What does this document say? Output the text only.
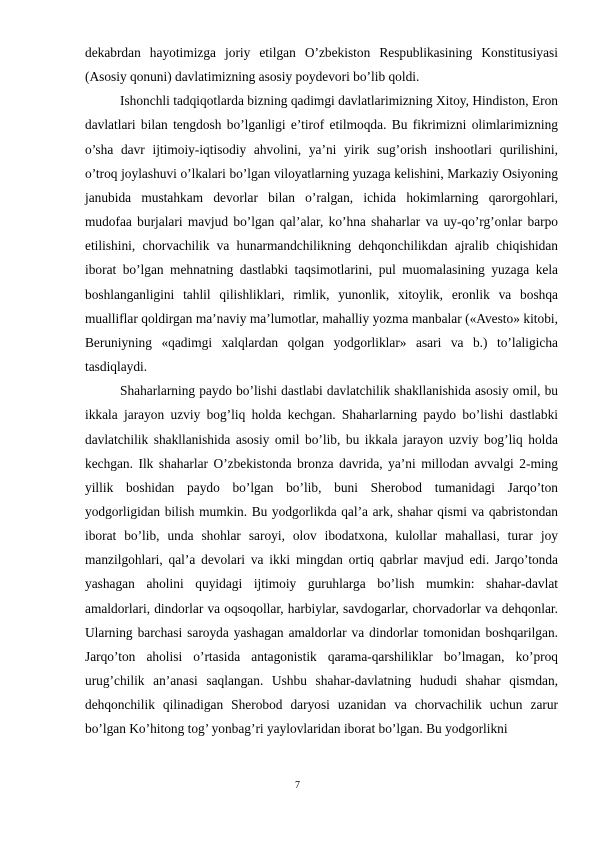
dekabrdan hayotimizga joriy etilgan O’zbekiston Respublikasining Konstitusiyasi (Asosiy qonuni) davlatimizning asosiy poydevori bo’lib qoldi.

Ishonchli tadqiqotlarda bizning qadimgi davlatlarimizning Xitoy, Hindiston, Eron davlatlari bilan tengdosh bo’lganligi e’tirof etilmoqda. Bu fikrimizni olimlarimizning o’sha davr ijtimoiy-iqtisodiy ahvolini, ya’ni yirik sug’orish inshootlari qurilishini, o’troq joylashuvi o’lkalari bo’lgan viloyatlarning yuzaga kelishini, Markaziy Osiyoning janubida mustahkam devorlar bilan o’ralgan, ichida hokimlarning qarorgohlari, mudofaa burjalari mavjud bo’lgan qal’alar, ko’hna shaharlar va uy-qo’rg’onlar barpo etilishini, chorvachilik va hunarmandchilikning dehqonchilikdan ajralib chiqishidan iborat bo’lgan mehnatning dastlabki taqsimotlarini, pul muomalasining yuzaga kela boshlanganligini tahlil qilishliklari, rimlik, yunonlik, xitoylik, eronlik va boshqa mualliflar qoldirgan ma’naviy ma’lumotlar, mahalliy yozma manbalar («Avesto» kitobi, Beruniyning «qadimgi xalqlardan qolgan yodgorliklar» asari va b.) to’laligicha tasdiqlaydi.

Shaharlarning paydo bo’lishi dastlabi davlatchilik shakllanishida asosiy omil, bu ikkala jarayon uzviy bog’liq holda kechgan. Shaharlarning paydo bo’lishi dastlabki davlatchilik shakllanishida asosiy omil bo’lib, bu ikkala jarayon uzviy bog’liq holda kechgan. Ilk shaharlar O’zbekistonda bronza davrida, ya’ni millodan avvalgi 2-ming yillik boshidan paydo bo’lgan bo’lib, buni Sherobod tumanidagi Jarqo’ton yodgorligidan bilish mumkin. Bu yodgorlikda qal’a ark, shahar qismi va qabristondan iborat bo’lib, unda shohlar saroyi, olov ibodatxona, kulollar mahallasi, turar joy manzilgohlari, qal’a devolari va ikki mingdan ortiq qabrlar mavjud edi. Jarqo’tonda yashagan aholini quyidagi ijtimoiy guruhlarga bo’lish mumkin: shahar-davlat amaldorlari, dindorlar va oqsoqollar, harbiylar, savdogarlar, chorvadorlar va dehqonlar. Ularning barchasi saroyda yashagan amaldorlar va dindorlar tomonidan boshqarilgan. Jarqo’ton aholisi o’rtasida antagonistik qarama-qarshiliklar bo’lmagan, ko’proq urug’chilik an’anasi saqlangan. Ushbu shahar-davlatning hududi shahar qismdan, dehqonchilik qilinadigan Sherobod daryosi uzanidan va chorvachilik uchun zarur bo’lgan Ko’hitong tog’ yonbag’ri yaylovlaridan iborat bo’lgan. Bu yodgorlikni

7
